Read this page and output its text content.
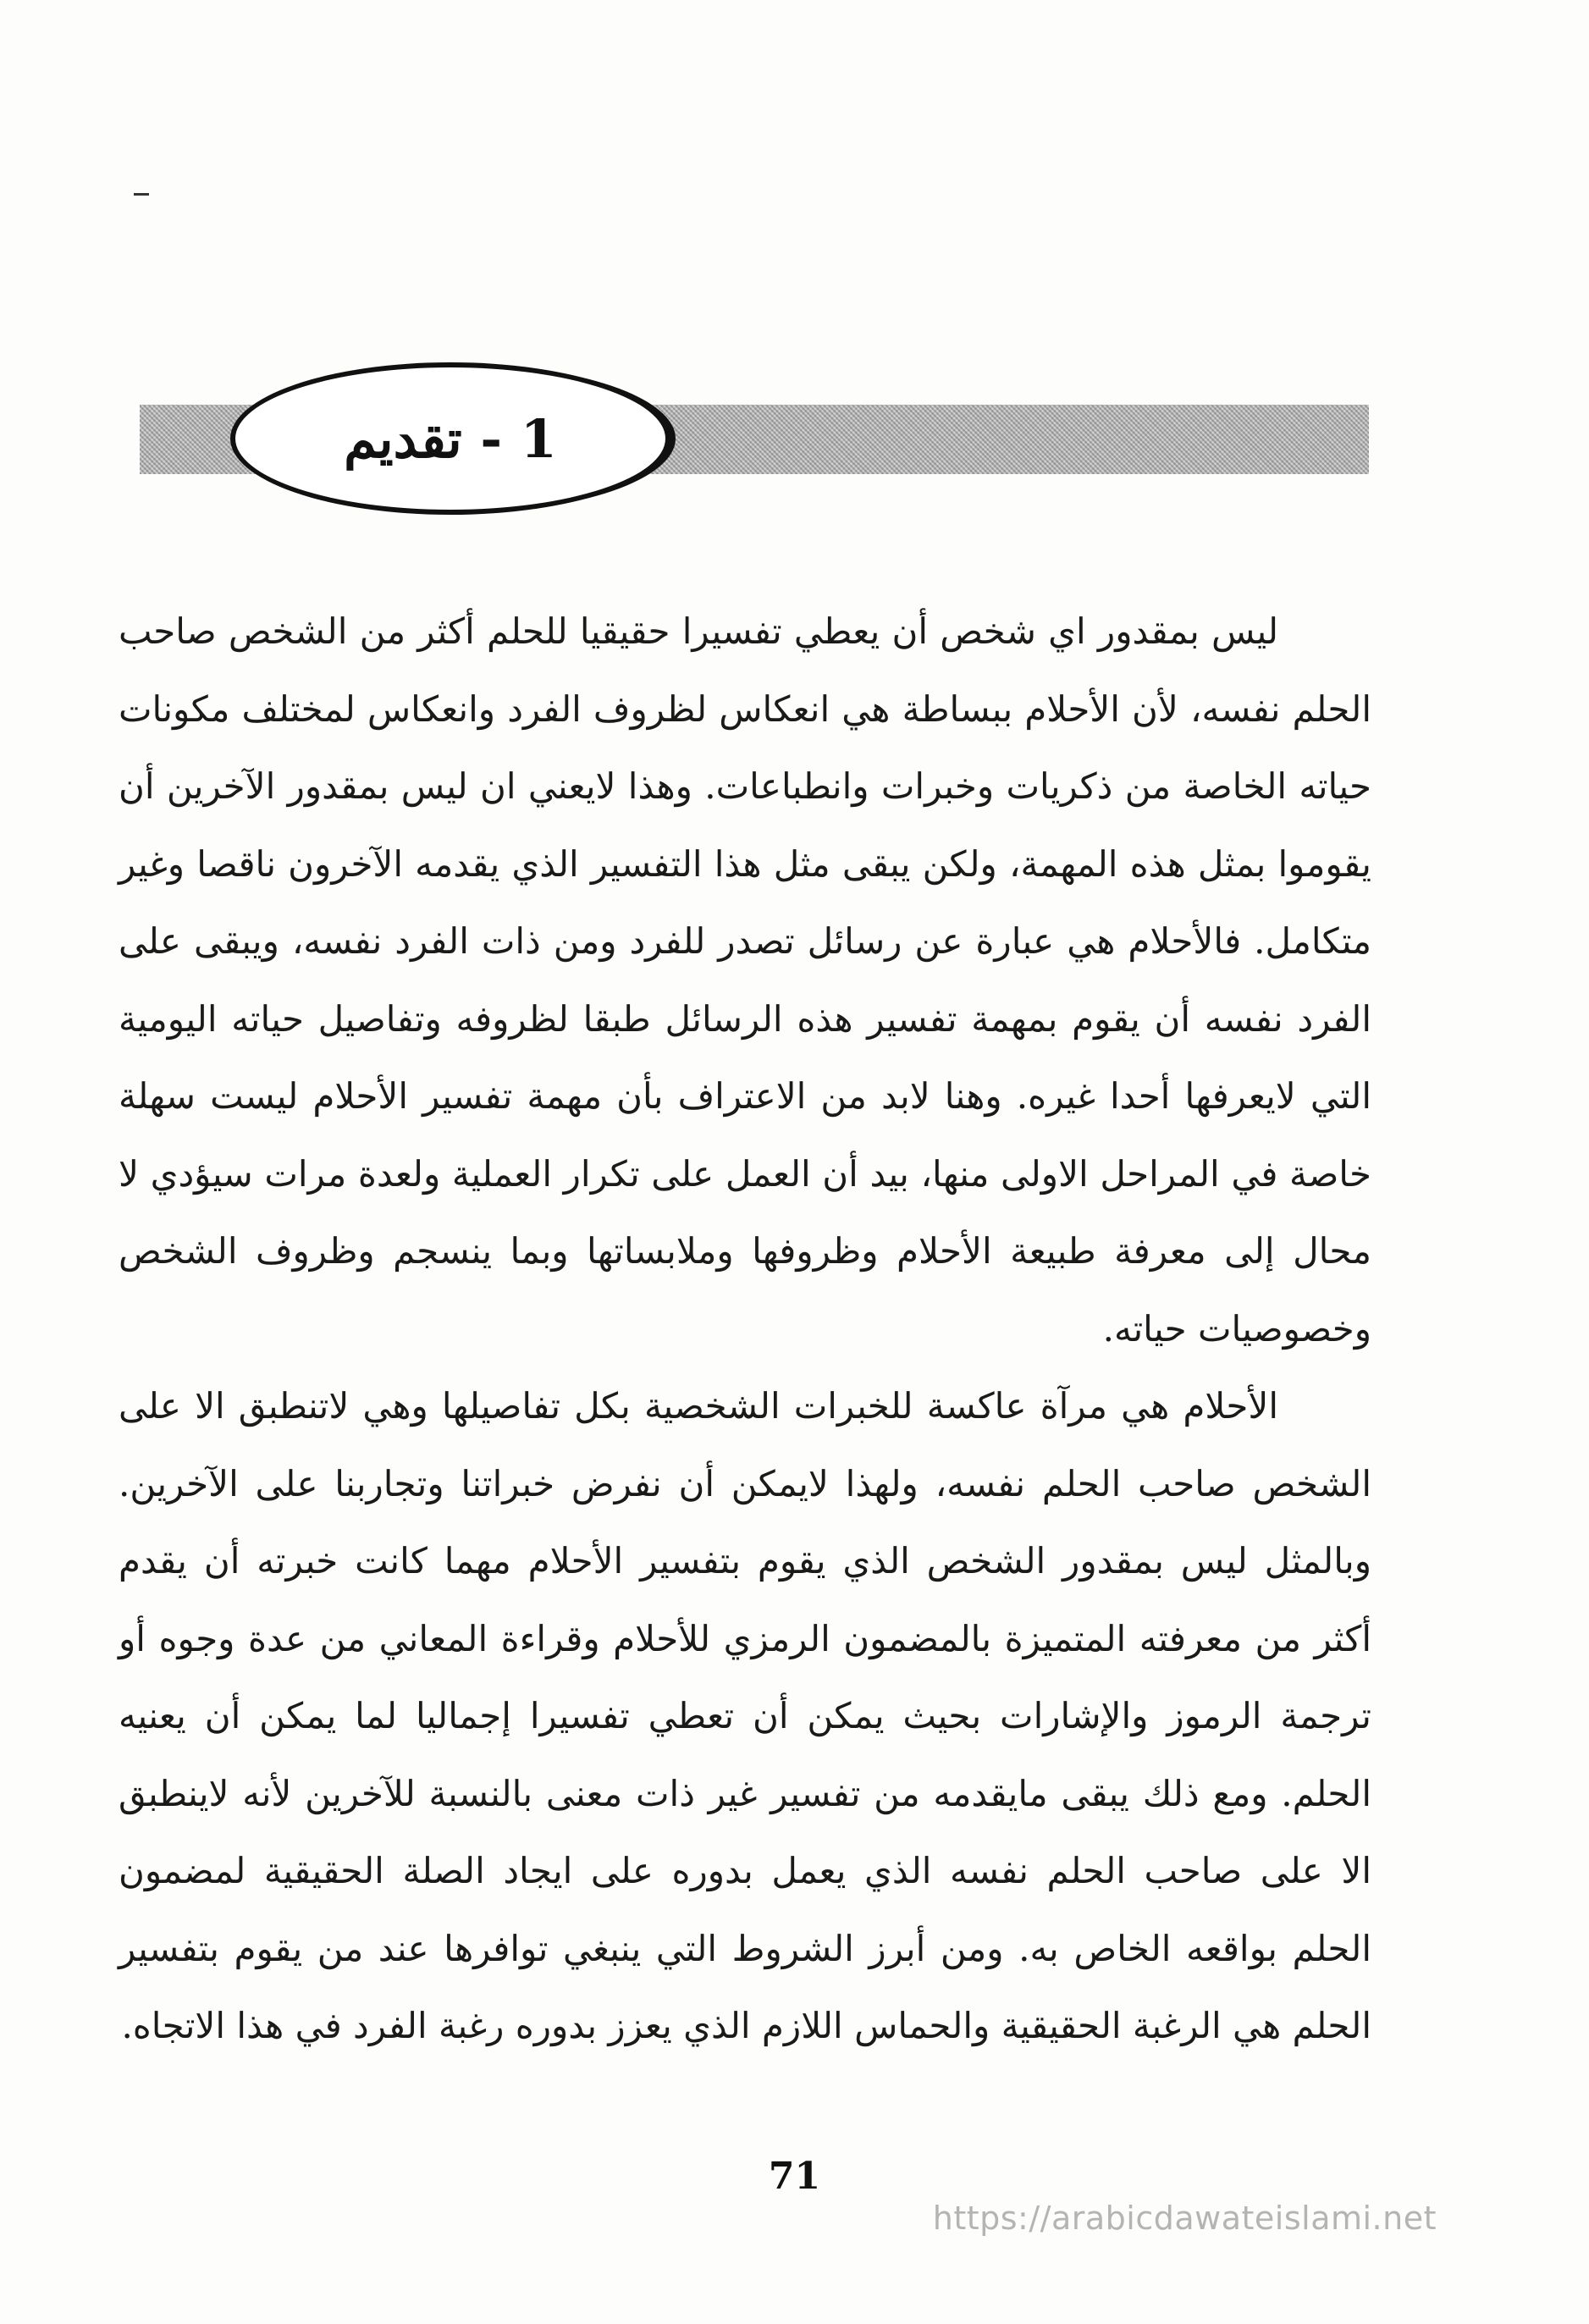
1 - تقديم

ليس بمقدور اي شخص أن يعطي تفسيرا حقيقيا للحلم أكثر من الشخص صاحب الحلم نفسه، لأن الأحلام ببساطة هي انعكاس لظروف الفرد وانعكاس لمختلف مكونات حياته الخاصة من ذكريات وخبرات وانطباعات. وهذا لايعني ان ليس بمقدور الآخرين أن يقوموا بمثل هذه المهمة، ولكن يبقى مثل هذا التفسير الذي يقدمه الآخرون ناقصا وغير متكامل. فالأحلام هي عبارة عن رسائل تصدر للفرد ومن ذات الفرد نفسه، ويبقى على الفرد نفسه أن يقوم بمهمة تفسير هذه الرسائل طبقا لظروفه وتفاصيل حياته اليومية التي لايعرفها أحدا غيره. وهنا لابد من الاعتراف بأن مهمة تفسير الأحلام ليست سهلة خاصة في المراحل الاولى منها، بيد أن العمل على تكرار العملية ولعدة مرات سيؤدي لا محال إلى معرفة طبيعة الأحلام وظروفها وملابساتها وبما ينسجم وظروف الشخص وخصوصيات حياته.

الأحلام هي مرآة عاكسة للخبرات الشخصية بكل تفاصيلها وهي لاتنطبق الا على الشخص صاحب الحلم نفسه، ولهذا لايمكن أن نفرض خبراتنا وتجاربنا على الآخرين. وبالمثل ليس بمقدور الشخص الذي يقوم بتفسير الأحلام مهما كانت خبرته أن يقدم أكثر من معرفته المتميزة بالمضمون الرمزي للأحلام وقراءة المعاني من عدة وجوه أو ترجمة الرموز والإشارات بحيث يمكن أن تعطي تفسيرا إجماليا لما يمكن أن يعنيه الحلم. ومع ذلك يبقى مايقدمه من تفسير غير ذات معنى بالنسبة للآخرين لأنه لاينطبق الا على صاحب الحلم نفسه الذي يعمل بدوره على ايجاد الصلة الحقيقية لمضمون الحلم بواقعه الخاص به. ومن أبرز الشروط التي ينبغي توافرها عند من يقوم بتفسير الحلم هي الرغبة الحقيقية والحماس اللازم الذي يعزز بدوره رغبة الفرد في هذا الاتجاه.

71
https://arabicdawateislami.net
